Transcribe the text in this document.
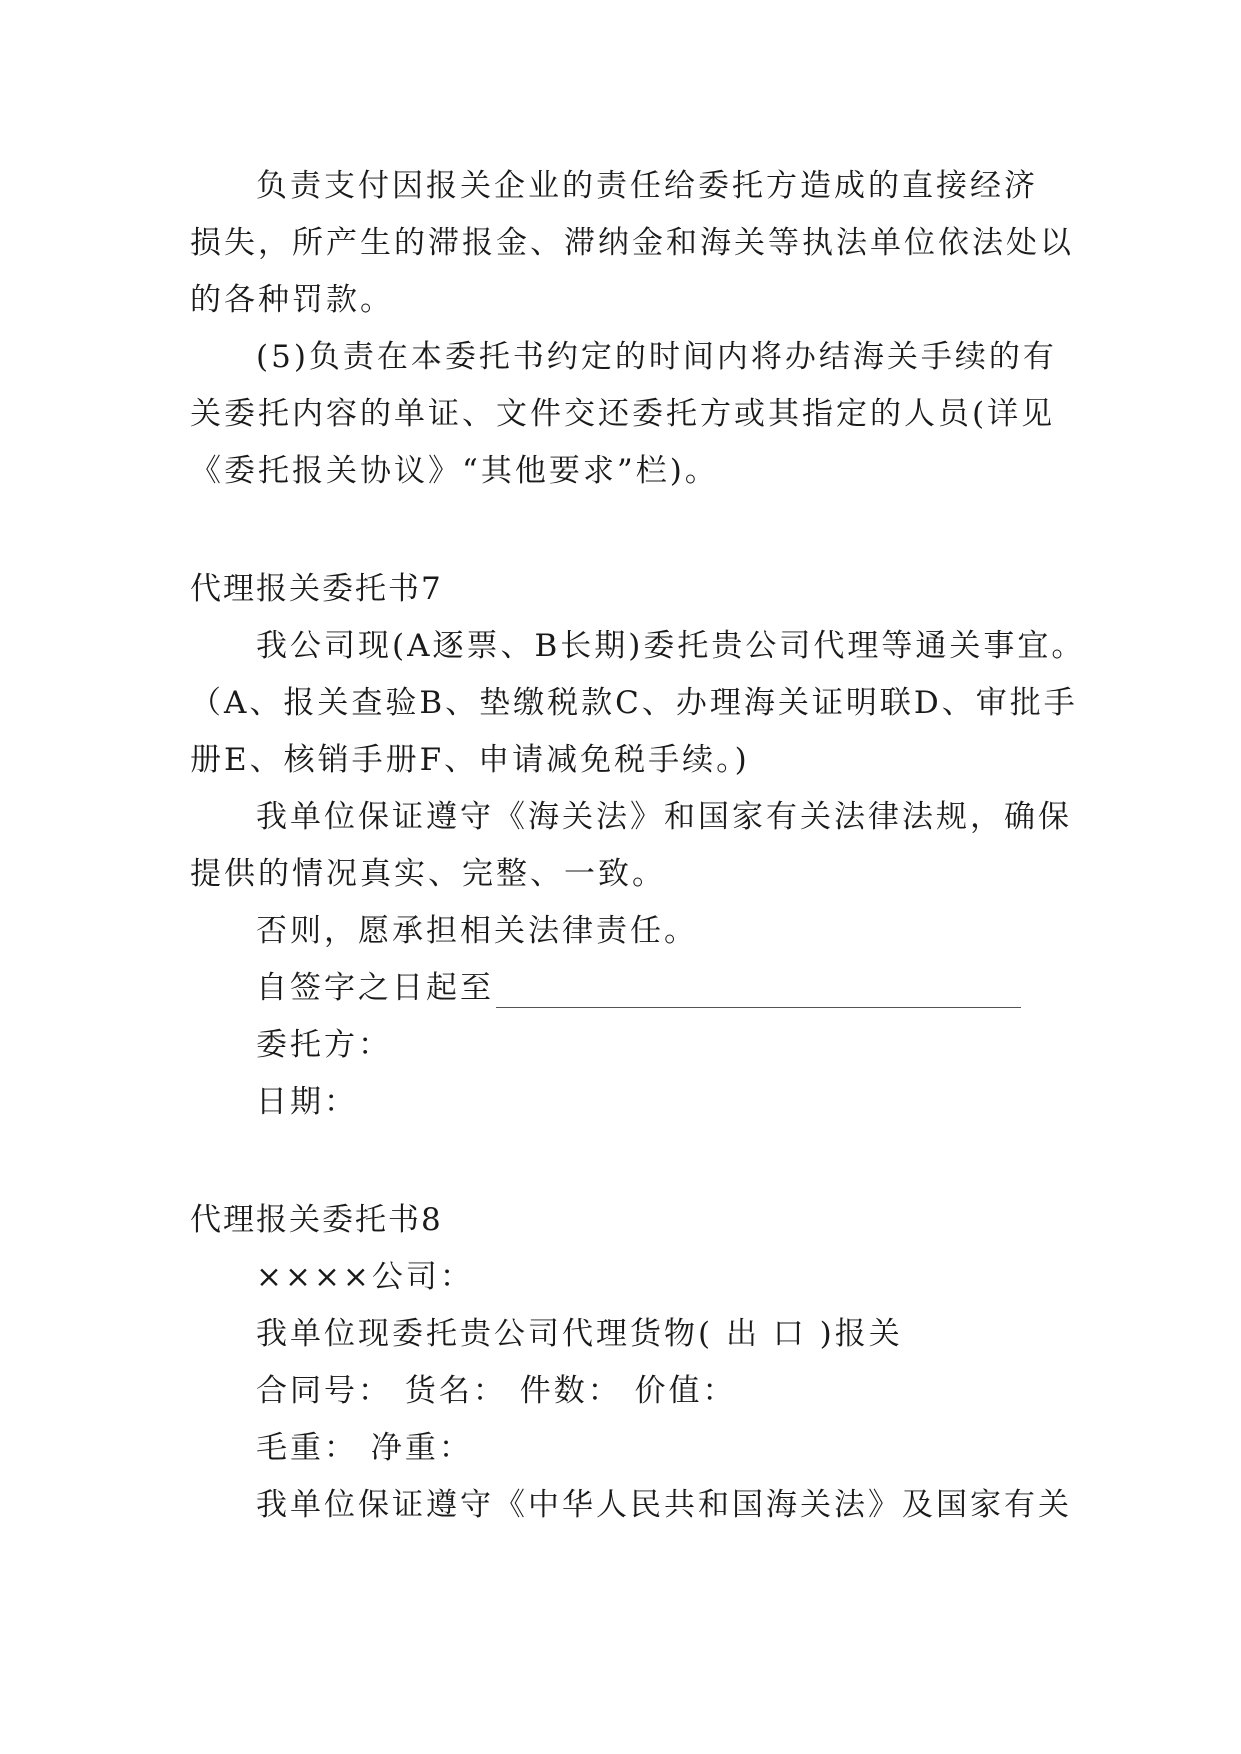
负责支付因报关企业的责任给委托方造成的直接经济
损失，所产生的滞报金、滞纳金和海关等执法单位依法处以
的各种罚款。
(5)负责在本委托书约定的时间内将办结海关手续的有
关委托内容的单证、文件交还委托方或其指定的人员(详见
《委托报关协议》“其他要求”栏)。
代理报关委托书7
我公司现(A逐票、B长期)委托贵公司代理等通关事宜。
（A、报关查验B、垫缴税款C、办理海关证明联D、审批手
册E、核销手册F、申请减免税手续。)
我单位保证遵守《海关法》和国家有关法律法规，确保
提供的情况真实、完整、一致。
否则，愿承担相关法律责任。
自签字之日起至
委托方：
日期：
代理报关委托书8
××××公司：
我单位现委托贵公司代理货物( 出 口 )报关
合同号： 货名： 件数： 价值：
毛重： 净重：
我单位保证遵守《中华人民共和国海关法》及国家有关
